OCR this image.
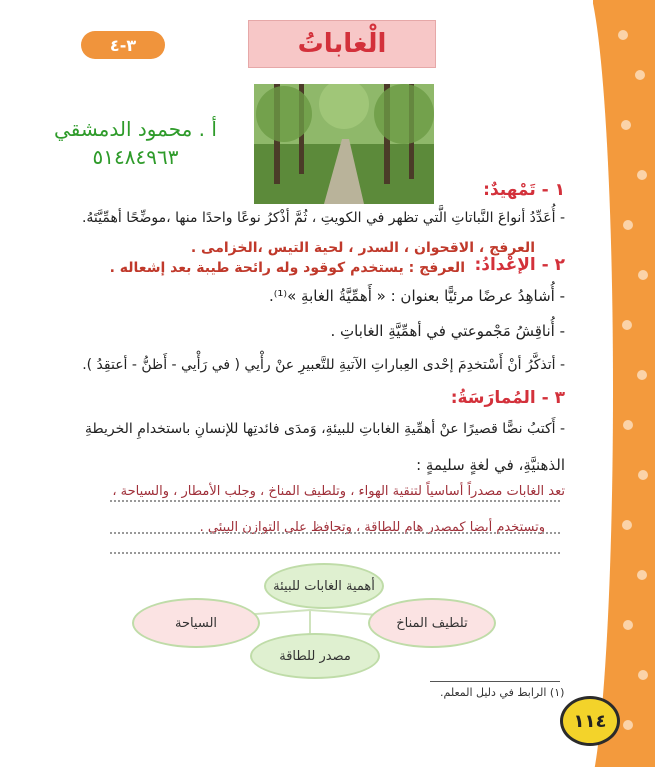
الْغاباتُ
٣-٤
أ . محمود الدمشقي
٥١٤٨٤٩٦٣
١ - تَمْهيدٌ:
- أُعَدِّدُ أنواعَ النَّباتاتِ الَّتي تظهر في الكويتِ ، ثُمَّ أذْكرُ نوعًا واحدًا منها ،موضِّحًا أهمِّيَّتَهُ.
العرفج ، الاقحوان ، السدر ، لحية التيس ،الخزامى .
٢ - الإعْدادُ:
العرفج : يستخدم كوقود وله رائحة طيبة بعد إشعاله .
- أُشاهِدُ عرضًا مرئيًّا بعنوان : « أَهمِّيَّةُ الغابةِ »⁽¹⁾.
- أُناقِشُ مَجْموعتي في أهمِّيَّةِ الغاباتِ .
- أتذكَّرُ أنْ أَسْتخدِمَ إحْدى العِباراتِ الآتيةِ للتَّعبيرِ عنْ رأْيي ( في رَأْيي - أَظنُّ - أعتقِدُ ).
٣ - المُمارَسَةُ:
- أَكتبُ نصًّا قصيرًا عنْ أهمِّيةِ الغاباتِ للبيئةِ، وَمدَى فائدتِها للإنسانِ باستخدامِ الخريطةِ
الذهنيَّةِ، في لغةٍ سليمةٍ :
تعد الغابات مصدراً أساسياً لتنقية الهواء ، وتلطيف المناخ ، وجلب الأمطار ، والسياحة ،
وتستخدم أيضا كمصدر هام للطاقة ، وتحافظ على التوازن البيئي .
أهمية الغابات للبيئة
تلطيف المناخ
السياحة
مصدر للطاقة
(١) الرابط في دليل المعلم.
١١٤
